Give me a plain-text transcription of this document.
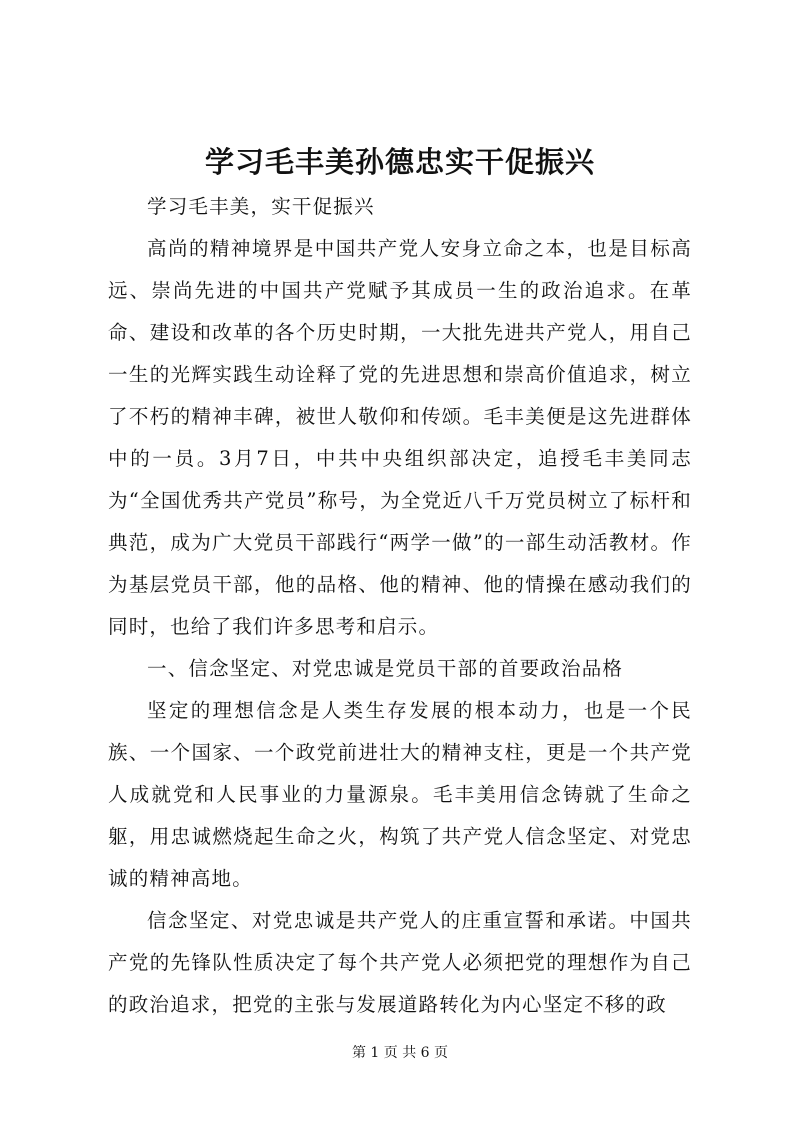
学习毛丰美孙德忠实干促振兴

学习毛丰美，实干促振兴

高尚的精神境界是中国共产党人安身立命之本，也是目标高远、崇尚先进的中国共产党赋予其成员一生的政治追求。在革命、建设和改革的各个历史时期，一大批先进共产党人，用自己一生的光辉实践生动诠释了党的先进思想和崇高价值追求，树立了不朽的精神丰碑，被世人敬仰和传颂。毛丰美便是这先进群体中的一员。3月7日，中共中央组织部决定，追授毛丰美同志为“全国优秀共产党员”称号，为全党近八千万党员树立了标杆和典范，成为广大党员干部践行“两学一做”的一部生动活教材。作为基层党员干部，他的品格、他的精神、他的情操在感动我们的同时，也给了我们许多思考和启示。

一、信念坚定、对党忠诚是党员干部的首要政治品格

坚定的理想信念是人类生存发展的根本动力，也是一个民族、一个国家、一个政党前进壮大的精神支柱，更是一个共产党人成就党和人民事业的力量源泉。毛丰美用信念铸就了生命之躯，用忠诚燃烧起生命之火，构筑了共产党人信念坚定、对党忠诚的精神高地。

信念坚定、对党忠诚是共产党人的庄重宣誓和承诺。中国共产党的先锋队性质决定了每个共产党人必须把党的理想作为自己的政治追求，把党的主张与发展道路转化为内心坚定不移的政

第 1 页 共 6 页
